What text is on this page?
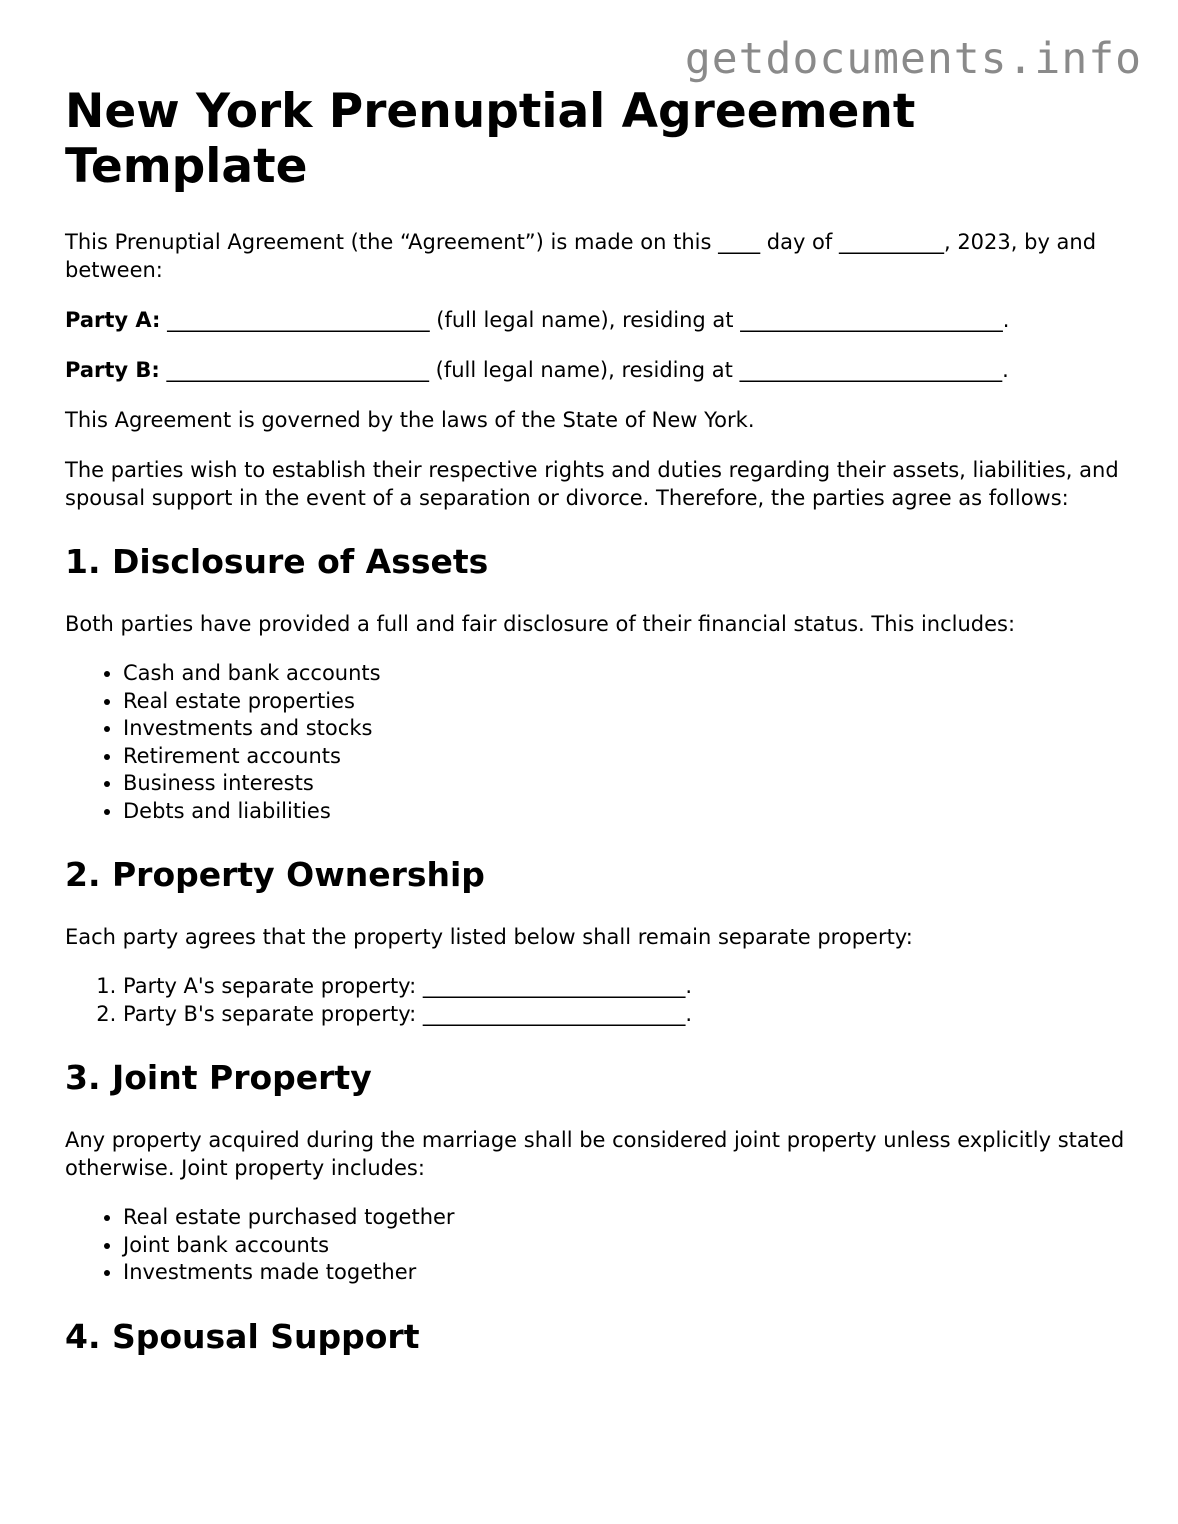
getdocuments.info
New York Prenuptial Agreement Template

This Prenuptial Agreement (the “Agreement”) is made on this ____ day of __________, 2023, by and between:

Party A: _________________________ (full legal name), residing at _________________________.

Party B: _________________________ (full legal name), residing at _________________________.

This Agreement is governed by the laws of the State of New York.

The parties wish to establish their respective rights and duties regarding their assets, liabilities, and spousal support in the event of a separation or divorce. Therefore, the parties agree as follows:

1. Disclosure of Assets

Both parties have provided a full and fair disclosure of their financial status. This includes:

• Cash and bank accounts
• Real estate properties
• Investments and stocks
• Retirement accounts
• Business interests
• Debts and liabilities
2. Property Ownership

Each party agrees that the property listed below shall remain separate property:

1. Party A's separate property: _________________________.
2. Party B's separate property: _________________________.
3. Joint Property

Any property acquired during the marriage shall be considered joint property unless explicitly stated otherwise. Joint property includes:

• Real estate purchased together
• Joint bank accounts
• Investments made together
4. Spousal Support
